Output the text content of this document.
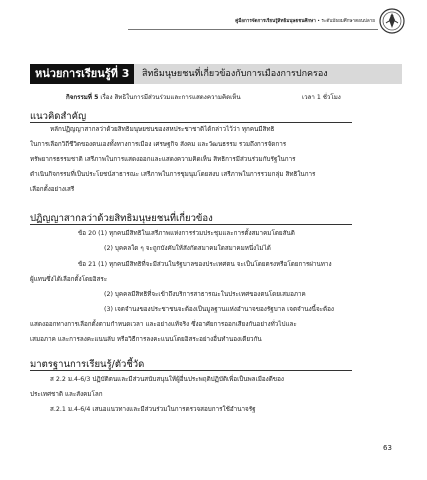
คู่มือการจัดการเรียนรู้สิทธิมนุษยชนศึกษา • ระดับมัธยมศึกษาตอนปลาย
หน่วยการเรียนรู้ที่ 3	สิทธิมนุษยชนที่เกี่ยวข้องกับการเมืองการปกครอง
กิจกรรมที่ 5 เรื่อง สิทธิในการมีส่วนร่วมและการแสดงความคิดเห็น	เวลา 1 ชั่วโมง
แนวคิดสำคัญ
หลักปฏิญญาสากลว่าด้วยสิทธิมนุษยชนของสหประชาชาติได้กล่าวไว้ว่า ทุกคนมีสิทธิ
ในการเลือกวิถีชีวิตของตนเองทั้งทางการเมือง เศรษฐกิจ สังคม และวัฒนธรรม รวมถึงการจัดการ
ทรัพยากรธรรมชาติ เสรีภาพในการแสดงออกและแสดงความคิดเห็น สิทธิการมีส่วนร่วมกับรัฐในการ
ดำเนินกิจกรรมที่เป็นประโยชน์สาธารณะ เสรีภาพในการชุมนุมโดยสงบ เสรีภาพในการรวมกลุ่ม สิทธิในการ
เลือกตั้งอย่างเสรี
ปฏิญญาสากลว่าด้วยสิทธิมนุษยชนที่เกี่ยวข้อง
ข้อ 20 (1) ทุกคนมีสิทธิในเสรีภาพแห่งการร่วมประชุมและการตั้งสมาคมโดยสันติ
(2) บุคคลใด ๆ จะถูกบังคับให้สังกัดสมาคมใดสมาคมหนึ่งไม่ได้
ข้อ 21 (1) ทุกคนมีสิทธิที่จะมีส่วนในรัฐบาลของประเทศตน จะเป็นโดยตรงหรือโดยการผ่านทาง
ผู้แทนซึ่งได้เลือกตั้งโดยอิสระ
(2) บุคคลมีสิทธิที่จะเข้าถึงบริการสาธารณะในประเทศของตนโดยเสมอภาค
(3) เจตจำนงของประชาชนจะต้องเป็นมูลฐานแห่งอำนาจของรัฐบาล เจตจำนงนี้จะต้อง
แสดงออกทางการเลือกตั้งตามกำหนดเวลา และอย่างแท้จริง ซึ่งอาศัยการออกเสียงกันอย่างทั่วไปและ
เสมอภาค และการลงคะแนนลับ หรือวิธีการลงคะแนนโดยอิสระอย่างอื่นทำนองเดียวกัน
มาตรฐานการเรียนรู้/ตัวชี้วัด
ส 2.2 ม.4-6/3 ปฏิบัติตนและมีส่วนสนับสนุนให้ผู้อื่นประพฤติปฏิบัติเพื่อเป็นพลเมืองดีของ
ประเทศชาติ และสังคมโลก
ส.2.1 ม.4-6/4 เสนอแนวทางและมีส่วนร่วมในการตรวจสอบการใช้อำนาจรัฐ
63
